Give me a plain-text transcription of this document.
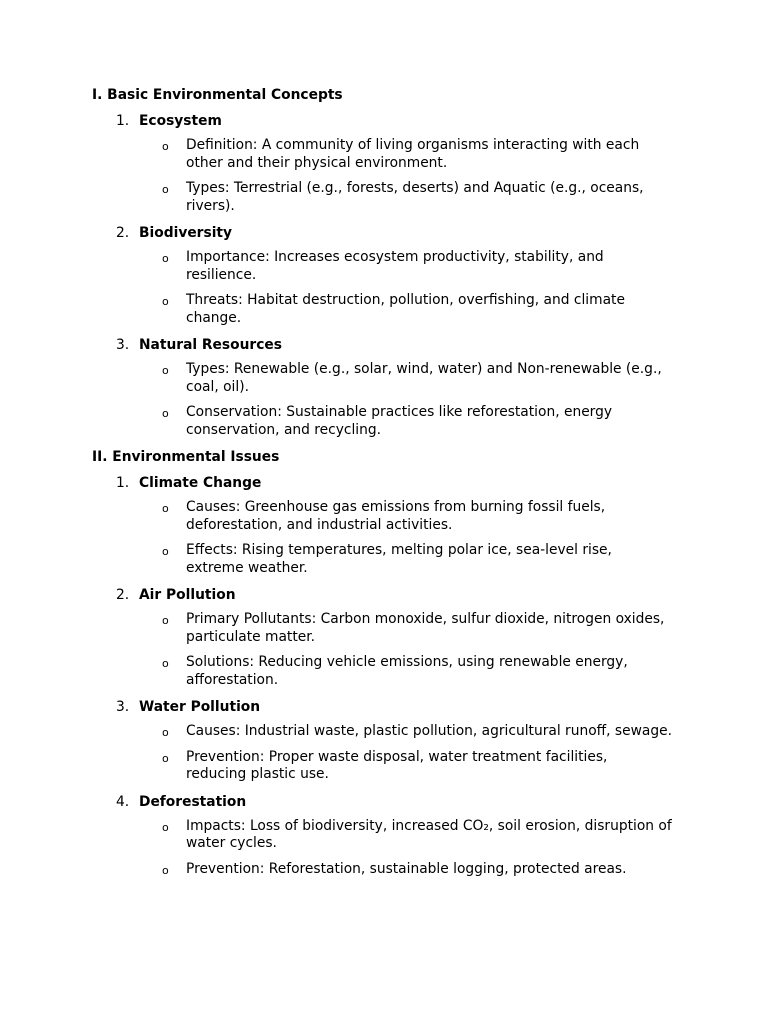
I. Basic Environmental Concepts
1. Ecosystem
o Definition: A community of living organisms interacting with each other and their physical environment.
o Types: Terrestrial (e.g., forests, deserts) and Aquatic (e.g., oceans, rivers).
2. Biodiversity
o Importance: Increases ecosystem productivity, stability, and resilience.
o Threats: Habitat destruction, pollution, overfishing, and climate change.
3. Natural Resources
o Types: Renewable (e.g., solar, wind, water) and Non-renewable (e.g., coal, oil).
o Conservation: Sustainable practices like reforestation, energy conservation, and recycling.
II. Environmental Issues
1. Climate Change
o Causes: Greenhouse gas emissions from burning fossil fuels, deforestation, and industrial activities.
o Effects: Rising temperatures, melting polar ice, sea-level rise, extreme weather.
2. Air Pollution
o Primary Pollutants: Carbon monoxide, sulfur dioxide, nitrogen oxides, particulate matter.
o Solutions: Reducing vehicle emissions, using renewable energy, afforestation.
3. Water Pollution
o Causes: Industrial waste, plastic pollution, agricultural runoff, sewage.
o Prevention: Proper waste disposal, water treatment facilities, reducing plastic use.
4. Deforestation
o Impacts: Loss of biodiversity, increased CO₂, soil erosion, disruption of water cycles.
o Prevention: Reforestation, sustainable logging, protected areas.
